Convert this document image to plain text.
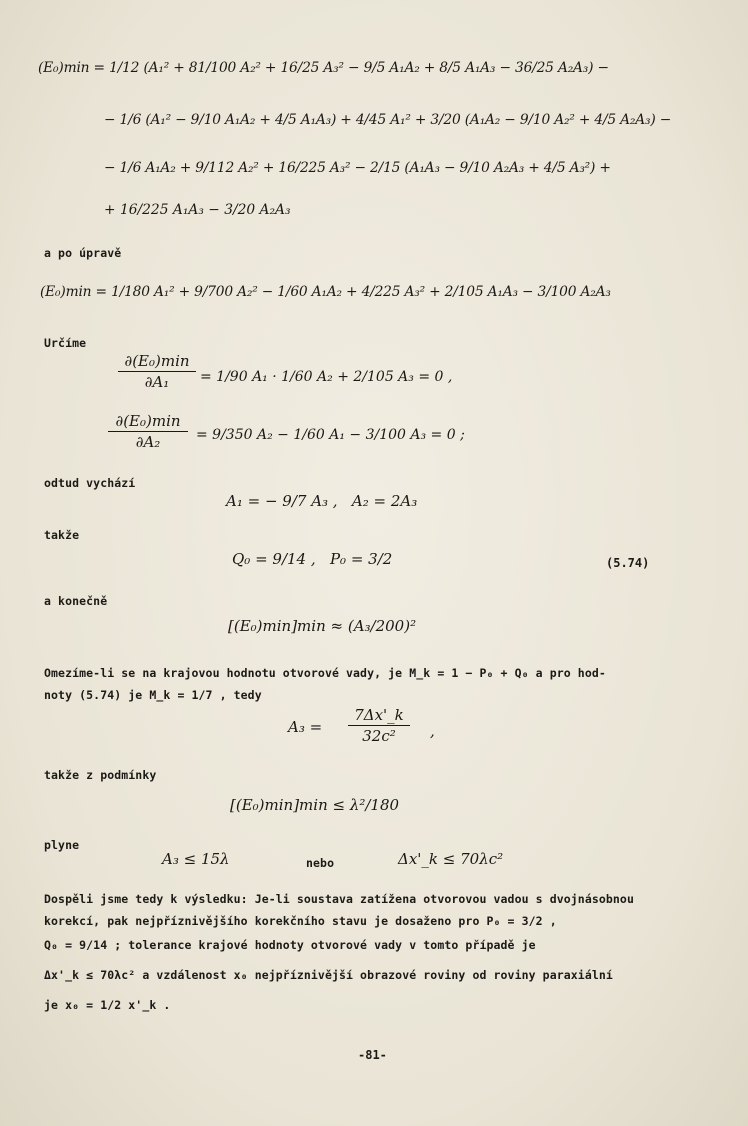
(E₀)min = 1/12 (A₁² + 81/100 A₂² + 16/25 A₃² − 9/5 A₁A₂ + 8/5 A₁A₃ − 36/25 A₂A₃) −
− 1/6 (A₁² − 9/10 A₁A₂ + 4/5 A₁A₃) + 4/45 A₁² + 3/20 (A₁A₂ − 9/10 A₂² + 4/5 A₂A₃) −
− 1/6 A₁A₂ + 9/112 A₂² + 16/225 A₃² − 2/15 (A₁A₃ − 9/10 A₂A₃ + 4/5 A₃²) +
+ 16/225 A₁A₃ − 3/20 A₂A₃
a po úpravě
(E₀)min = 1/180 A₁² + 9/700 A₂² − 1/60 A₁A₂ + 4/225 A₃² + 2/105 A₁A₃ − 3/100 A₂A₃
Určíme
∂(E₀)min
∂A₁	= 1/90 A₁ · 1/60 A₂ + 2/105 A₃ = 0 ,
∂(E₀)min
∂A₂	= 9/350 A₂ − 1/60 A₁ − 3/100 A₃ = 0 ;
odtud vychází
A₁ = − 9/7 A₃ ,   A₂ = 2A₃
takže
Q₀ = 9/14 ,   P₀ = 3/2	(5.74)
a konečně
[(E₀)min]min ≈ (A₃/200)²
Omezíme-li se na krajovou hodnotu otvorové vady, je M_k = 1 − P₀ + Q₀ a pro hod-
noty (5.74) je M_k = 1/7 , tedy
$A_3 = \frac{7\Delta x'\_k}{\text{32c²}}$ ,
takže z podmínky
[(E₀)min]min ≤ λ²/180
plyne
A₃ ≤ 15λ	nebo	Δx'_k ≤ 70λc²
Dospěli jsme tedy k výsledku: Je-li soustava zatížena otvorovou vadou s dvojnásobnou
korekcí, pak nejpříznivějšího korekčního stavu je dosaženo pro P₀ = 3/2 ,
Q₀ = 9/14 ; tolerance krajové hodnoty otvorové vady v tomto případě je
Δx'_k ≤ 70λc² a vzdálenost x₀ nejpříznivější obrazové roviny od roviny paraxiální
je x₀ = 1/2 x'_k .
-81-
